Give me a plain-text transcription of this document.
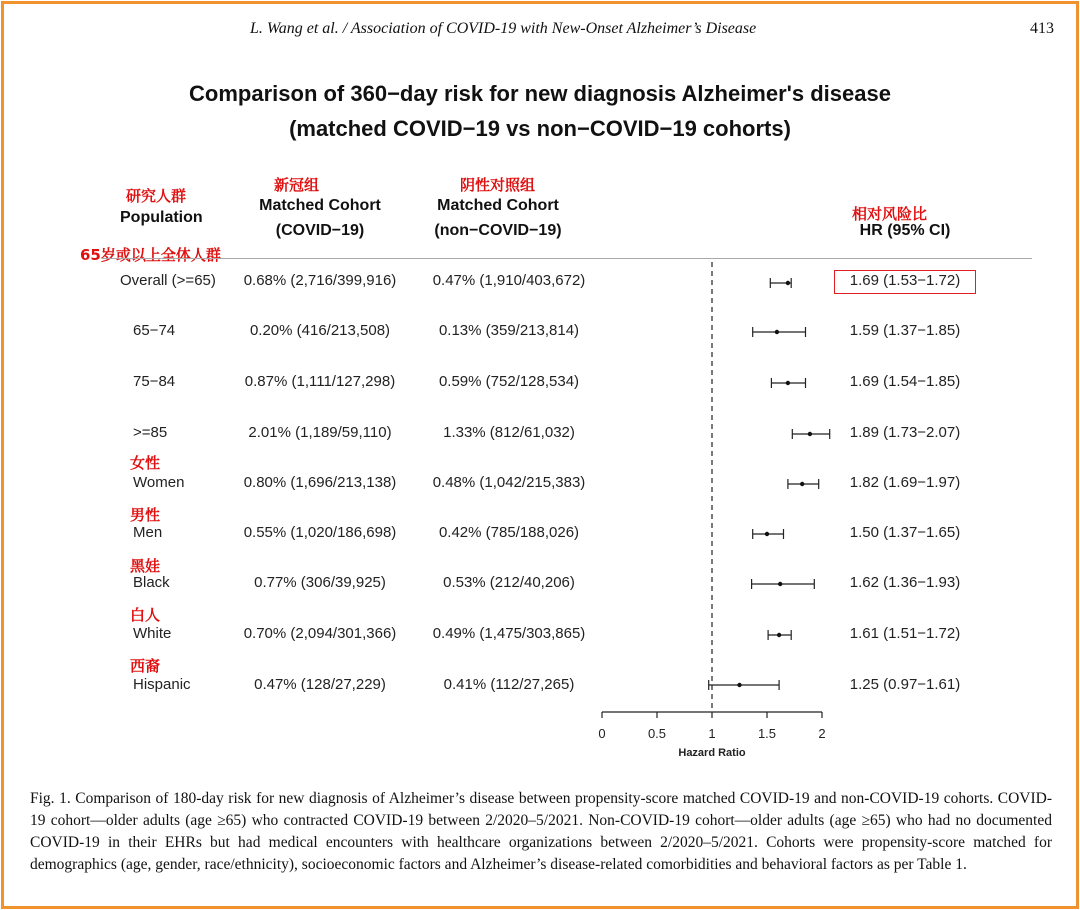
L. Wang et al. / Association of COVID-19 with New-Onset Alzheimer’s Disease	413
Comparison of 360−day risk for new diagnosis Alzheimer's disease
(matched COVID−19 vs non−COVID−19 cohorts)
研究人群
新冠组	阴性对照组
相对风险比
65岁或以上全体人群
女性
男性
黑娃
白人
西裔
Population
Matched Cohort
(COVID−19)
Matched Cohort
(non−COVID−19)	HR (95% CI)
Overall (>=65)	0.68% (2,716/399,916)	0.47% (1,910/403,672)	1.69 (1.53−1.72)
65−74	0.20% (416/213,508)	0.13% (359/213,814)	1.59 (1.37−1.85)
75−84	0.87% (1,111/127,298)	0.59% (752/128,534)	1.69 (1.54−1.85)
>=85	2.01% (1,189/59,110)	1.33% (812/61,032)	1.89 (1.73−2.07)
Women	0.80% (1,696/213,138)	0.48% (1,042/215,383)	1.82 (1.69−1.97)
Men	0.55% (1,020/186,698)	0.42% (785/188,026)	1.50 (1.37−1.65)
Black	0.77% (306/39,925)	0.53% (212/40,206)	1.62 (1.36−1.93)
White	0.70% (2,094/301,366)	0.49% (1,475/303,865)	1.61 (1.51−1.72)
Hispanic	0.47% (128/27,229)	0.41% (112/27,265)	1.25 (0.97−1.61)
0	0.5	1	1.5	2
Hazard Ratio
Fig. 1. Comparison of 180-day risk for new diagnosis of Alzheimer’s disease between propensity-score matched COVID-19 and non-COVID-19 cohorts. COVID-19 cohort—older adults (age ≥65) who contracted COVID-19 between 2/2020–5/2021. Non-COVID-19 cohort—older adults (age ≥65) who had no documented COVID-19 in their EHRs but had medical encounters with healthcare organizations between 2/2020–5/2021. Cohorts were propensity-score matched for demographics (age, gender, race/ethnicity), socioeconomic factors and Alzheimer’s disease-related comorbidities and behavioral factors as per Table 1.
